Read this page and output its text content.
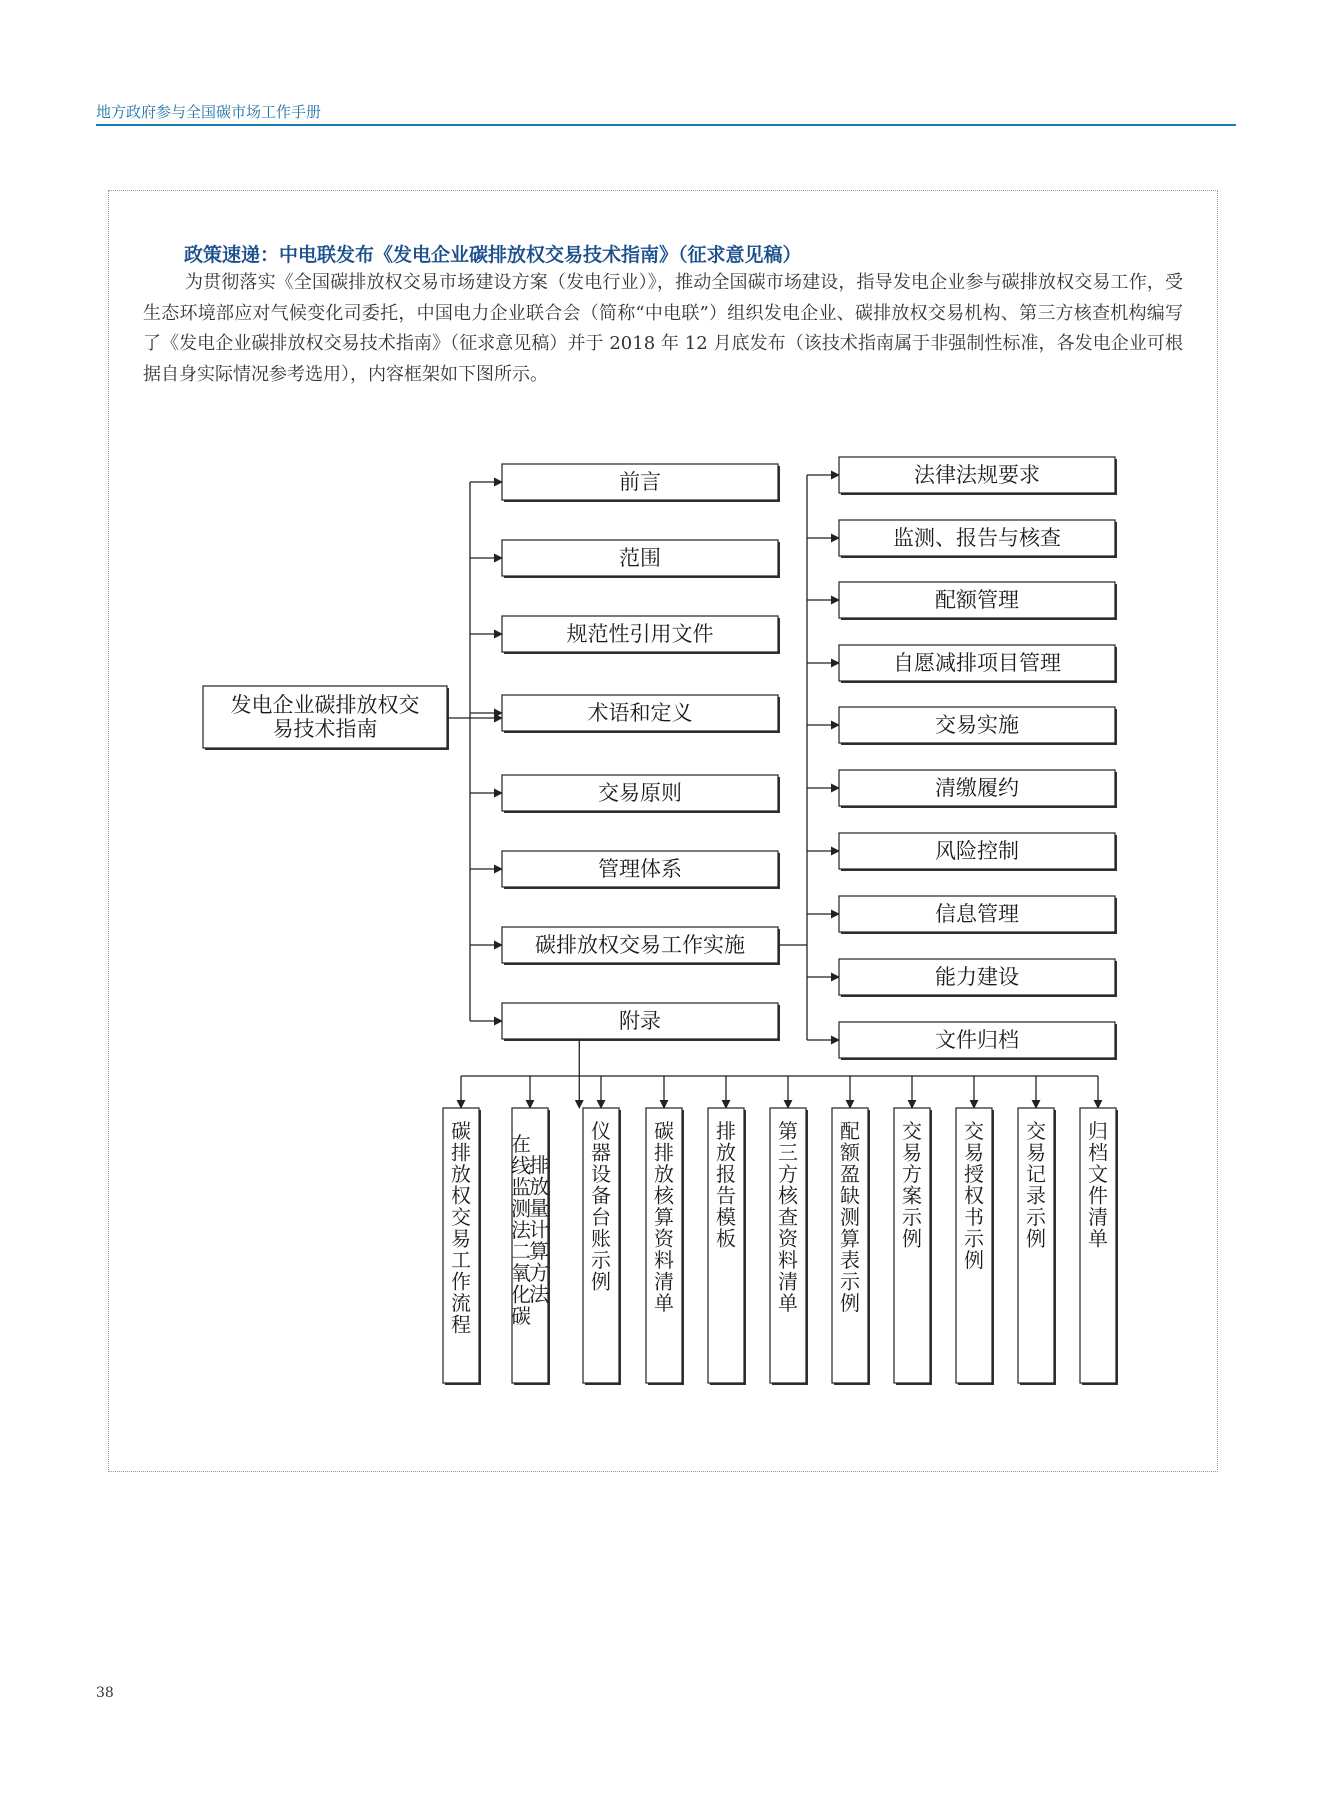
地方政府参与全国碳市场工作手册
政策速递：中电联发布《发电企业碳排放权交易技术指南》（征求意见稿）
为贯彻落实《全国碳排放权交易市场建设方案（发电行业）》，推动全国碳市场建设，指导发电企业参与碳排放权交易工作，受生态环境部应对气候变化司委托，中国电力企业联合会（简称“中电联”）组织发电企业、碳排放权交易机构、第三方核查机构编写了《发电企业碳排放权交易技术指南》（征求意见稿）并于 2018 年 12 月底发布（该技术指南属于非强制性标准，各发电企业可根据自身实际情况参考选用），内容框架如下图所示。
发电企业碳排放权交
易技术指南
前言
范围
规范性引用文件
术语和定义
交易原则
管理体系
碳排放权交易工作实施
附录
法律法规要求
监测、报告与核查
配额管理
自愿减排项目管理
交易实施
清缴履约
风险控制
信息管理
能力建设
文件归档
碳排放权交易工作流程
排放量计算方法
在线监测法二氧化碳
仪器设备台账示例
碳排放核算资料清单
排放报告模板
第三方核查资料清单
配额盈缺测算表示例
交易方案示例
交易授权书示例
交易记录示例
归档文件清单
38
